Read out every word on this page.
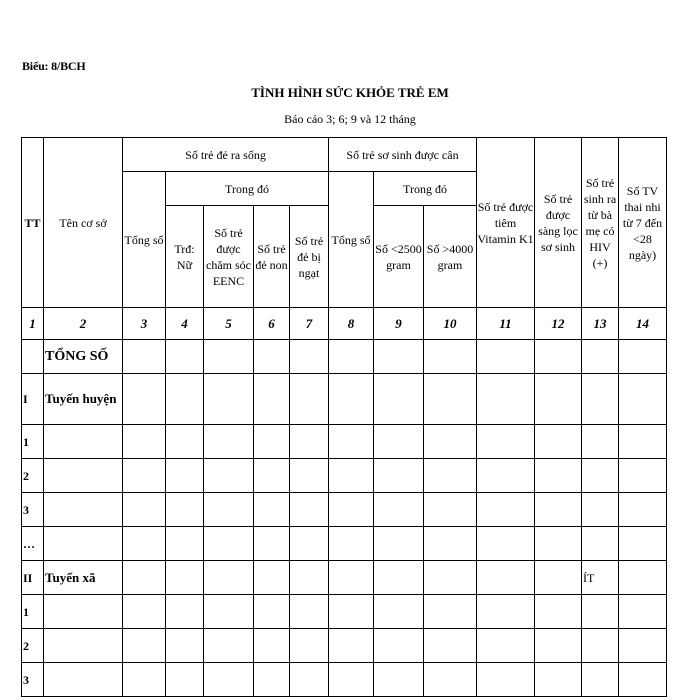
Biểu: 8/BCH
TÌNH HÌNH SỨC KHỎE TRẺ EM
Báo cáo 3; 6; 9 và 12 tháng
TT	Tên cơ sở	Số trẻ đẻ ra sống					Số trẻ sơ sinh được cân			Số trẻ được tiêm Vitamin K1	Số trẻ được sàng lọc sơ sinh	Số trẻ sinh ra từ bà mẹ có HIV (+)	Số TV thai nhi từ 7 đến <28 ngày)
		Tổng số	Trong đó				Tổng số	Trong đó					
			Trđ: Nữ	Số trẻ được chăm sóc EENC	Số trẻ đẻ non	Số trẻ đẻ bị ngạt		Số <2500 gram	Số >4000 gram				
1	2	3	4	5	6	7	8	9	10	11	12	13	14
	TỔNG SỐ												
I	Tuyến huyện												
1													
2													
3													
…													
II	Tuyến xã											ÍT	
1													
2													
3													
